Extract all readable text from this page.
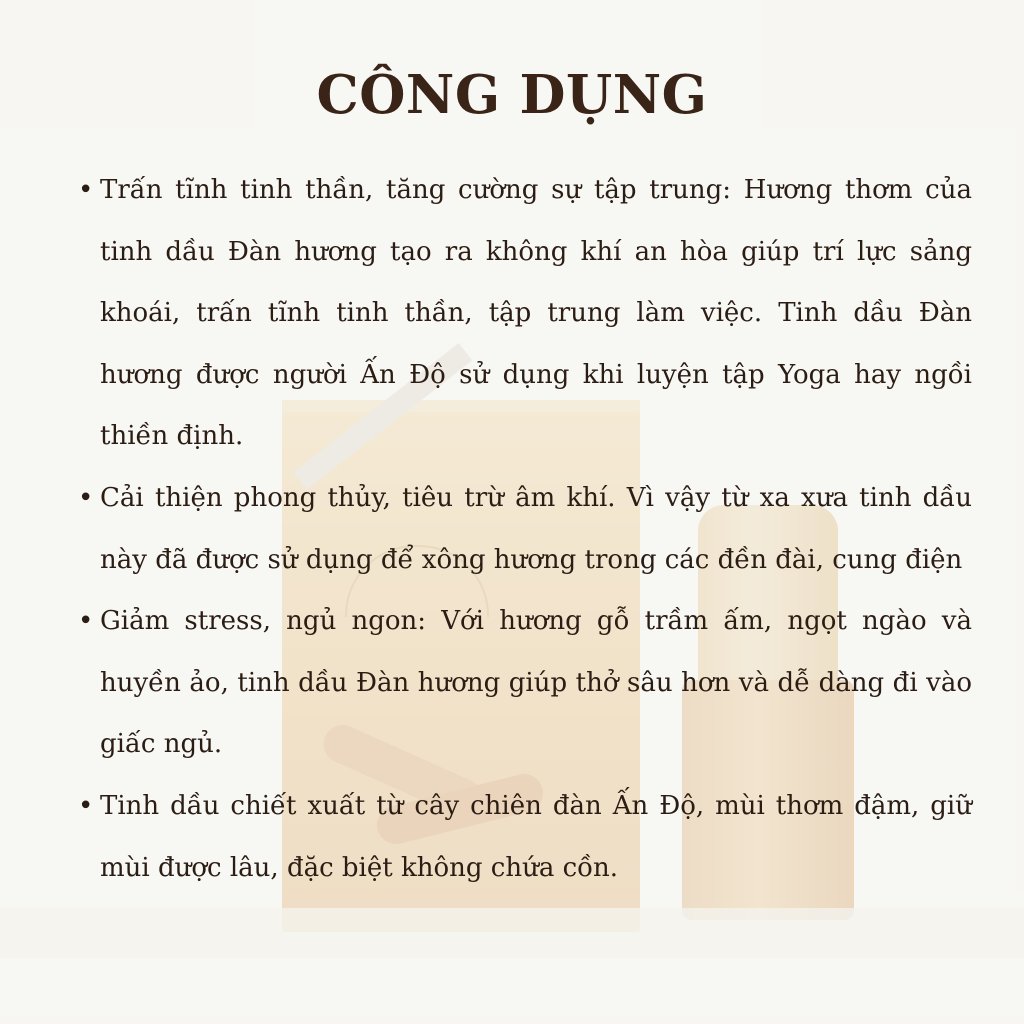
CÔNG DỤNG
• Trấn tĩnh tinh thần, tăng cường sự tập trung: Hương thơm của tinh dầu Đàn hương tạo ra không khí an hòa giúp trí lực sảng khoái, trấn tĩnh tinh thần, tập trung làm việc. Tinh dầu Đàn hương được người Ấn Độ sử dụng khi luyện tập Yoga hay ngồi thiền định.
• Cải thiện phong thủy, tiêu trừ âm khí. Vì vậy từ xa xưa tinh dầu này đã được sử dụng để xông hương trong các đền đài, cung điện
• Giảm stress, ngủ ngon: Với hương gỗ trầm ấm, ngọt ngào và huyền ảo, tinh dầu Đàn hương giúp thở sâu hơn và dễ dàng đi vào giấc ngủ.
• Tinh dầu chiết xuất từ cây chiên đàn Ấn Độ, mùi thơm đậm, giữ mùi được lâu, đặc biệt không chứa cồn.
